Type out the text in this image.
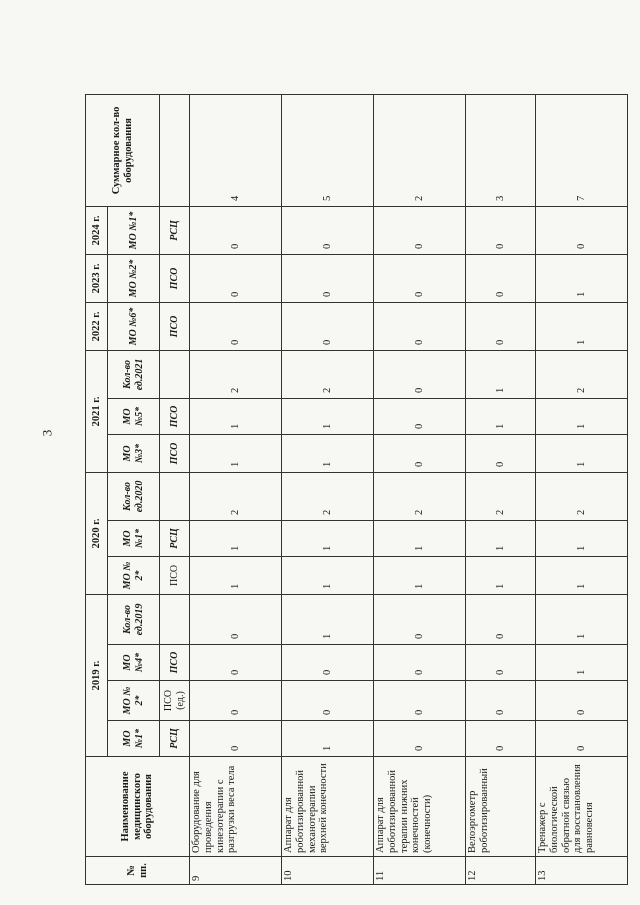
3
№ пп.	Наименование медицинского оборудования	2019 г.				2020 г.			2021 г.			2022 г.	2023 г.	2024 г.	Суммарное кол-во оборудования
		МО №1*	МО № 2*	МО №4*	Кол-во ед.2019	МО № 2*	МО №1*	Кол-во ед.2020	МО №3*	МО №5*	Кол-во ед.2021	МО №6*	МО №2*	МО №1*	
		РСЦ	ПСО (ед.)	ПСО		ПСО	РСЦ		ПСО	ПСО		ПСО	ПСО	РСЦ	
9	Оборудование для проведения кинезотерапии с разгрузки веса тела	0	0	0	0	1	1	2	1	1	2	0	0	0	4
10	Аппарат для роботизированной механотерапии верхней конечности	1	0	0	1	1	1	2	1	1	2	0	0	0	5
11	Аппарат для роботизированной терапии нижних конечностей (конечности)	0	0	0	0	1	1	2	0	0	0	0	0	0	2
12	Велоэргометр роботизированный	0	0	0	0	1	1	2	0	1	1	0	0	0	3
13	Тренажер с биологической обратной связью для восстановления равновесия	0	0	1	1	1	1	2	1	1	2	1	1	0	7
